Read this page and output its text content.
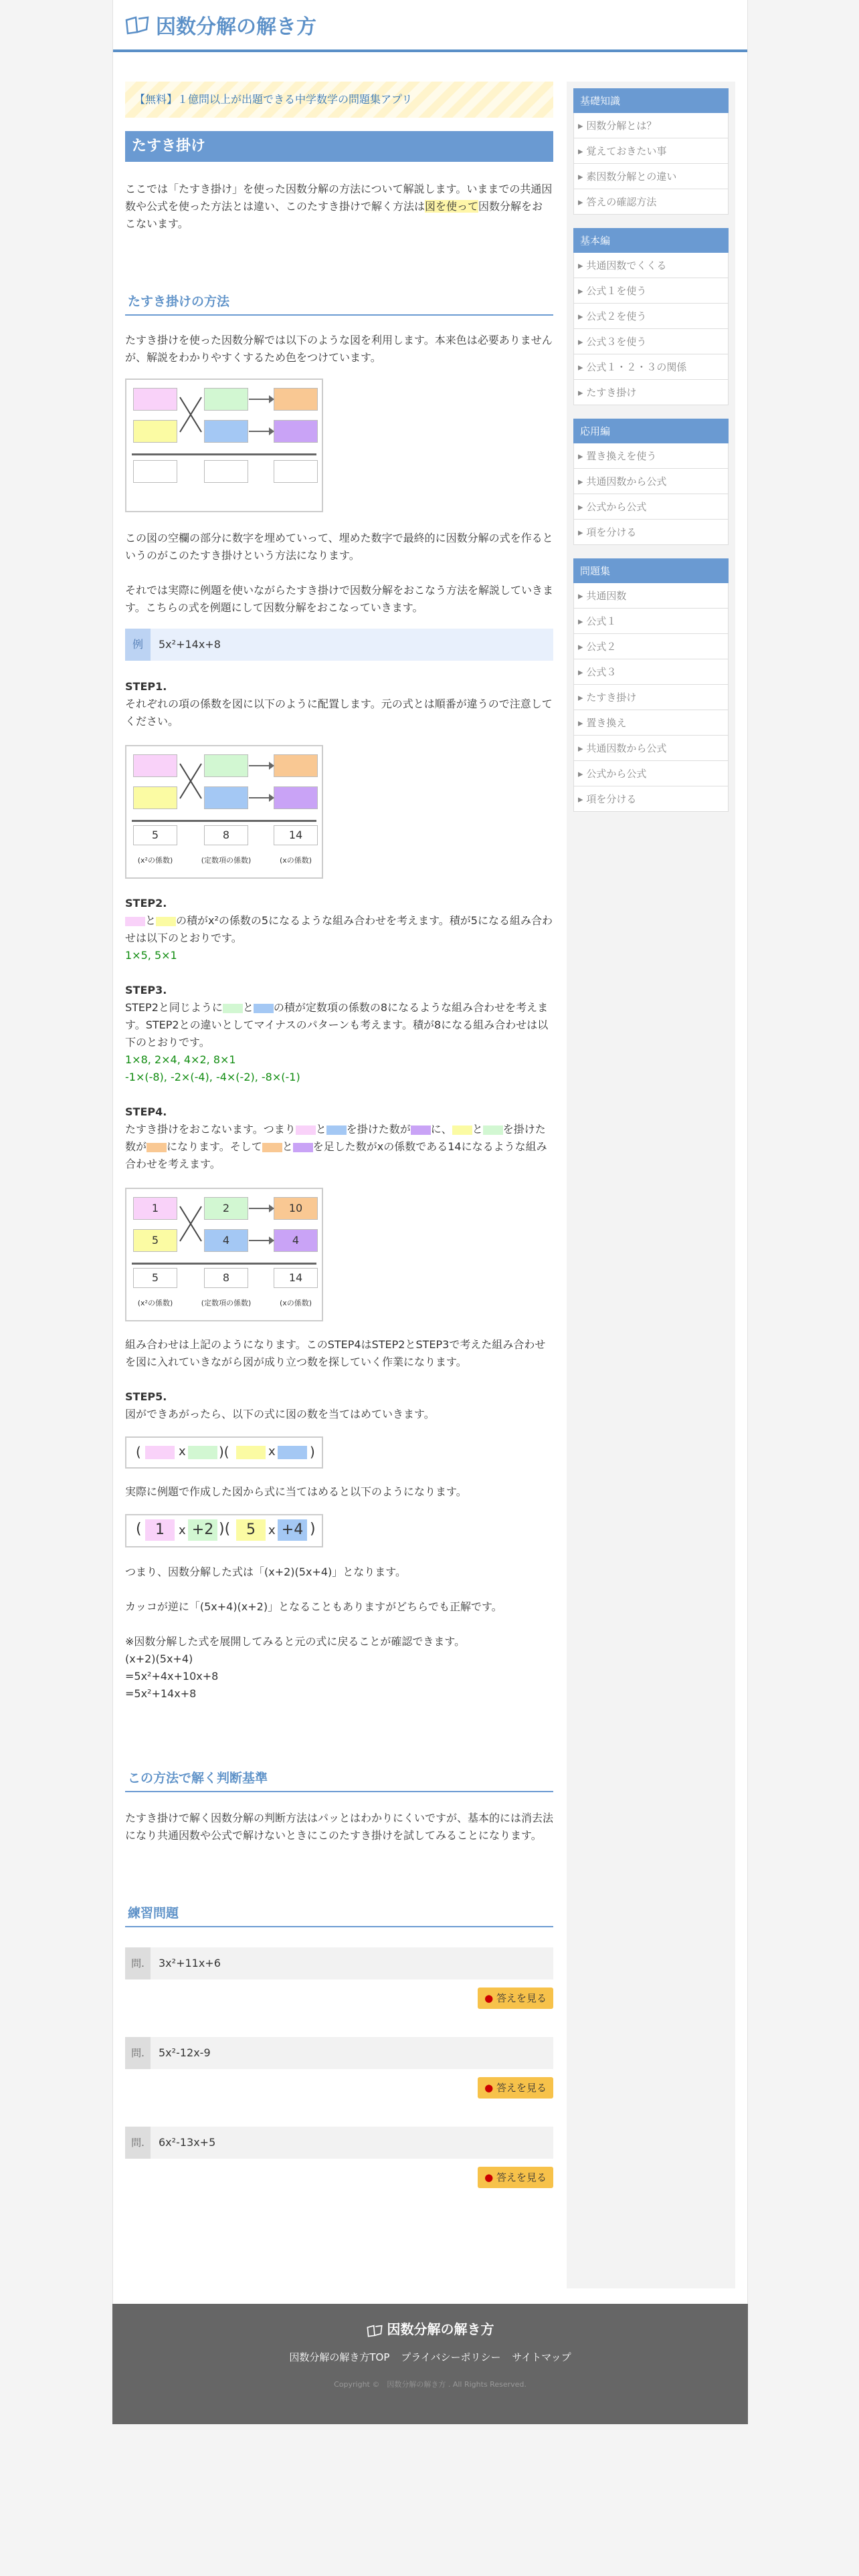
因数分解の解き方
【無料】１億問以上が出題できる中学数学の問題集アプリ
たすき掛け

ここでは「たすき掛け」を使った因数分解の方法について解説します。いままでの共通因数や公式を使った方法とは違い、このたすき掛けで解く方法は図を使って因数分解をおこないます。

たすき掛けの方法

たすき掛けを使った因数分解では以下のような図を利用します。本来色は必要ありませんが、解説をわかりやすくするため色をつけています。

この図の空欄の部分に数字を埋めていって、埋めた数字で最終的に因数分解の式を作るというのがこのたすき掛けという方法になります。

それでは実際に例題を使いながらたすき掛けで因数分解をおこなう方法を解説していきます。こちらの式を例題にして因数分解をおこなっていきます。

例	5x²+14x+8

STEP1.

それぞれの項の係数を図に以下のように配置します。元の式とは順番が違うので注意してください。

5	8	14
(x²の係数)	(定数項の係数)	(xの係数)

STEP2.

と の積がx²の係数の5になるような組み合わせを考えます。積が5になる組み合わせは以下のとおりです。

1×5, 5×1

STEP3.

STEP2と同じように と の積が定数項の係数の8になるような組み合わせを考えます。STEP2との違いとしてマイナスのパターンも考えます。積が8になる組み合わせは以下のとおりです。

1×8, 2×4, 4×2, 8×1

-1×(-8), -2×(-4), -4×(-2), -8×(-1)

STEP4.

たすき掛けをおこないます。つまり と を掛けた数が に、 と を掛けた数が になります。そして と を足した数がxの係数である14になるような組み合わせを考えます。

1	2	10
5	4	4
5	8	14
(x²の係数)	(定数項の係数)	(xの係数)

組み合わせは上記のようになります。このSTEP4はSTEP2とSTEP3で考えた組み合わせを図に入れていきながら図が成り立つ数を探していく作業になります。

STEP5.

図ができあがったら、以下の式に図の数を当てはめていきます。

(	x )(	x	)

実際に例題で作成した図から式に当てはめると以下のようになります。

( 1	x +2 )(	5	x +4 )

つまり、因数分解した式は「(x+2)(5x+4)」となります。

カッコが逆に「(5x+4)(x+2)」となることもありますがどちらでも正解です。

※因数分解した式を展開してみると元の式に戻ることが確認できます。

(x+2)(5x+4)

=5x²+4x+10x+8

=5x²+14x+8

この方法で解く判断基準

たすき掛けで解く因数分解の判断方法はパッとはわかりにくいですが、基本的には消去法になり共通因数や公式で解けないときにこのたすき掛けを試してみることになります。

練習問題
問.	3x²+11x+6
● 答えを見る
問.	5x²-12x-9
● 答えを見る
問.	6x²-13x+5
● 答えを見る
基礎知識
▸ 因数分解とは？
▸ 覚えておきたい事
▸ 素因数分解との違い
▸ 答えの確認方法
基本編
▸ 共通因数でくくる
▸ 公式１を使う
▸ 公式２を使う
▸ 公式３を使う
▸ 公式１・２・３の関係
▸ たすき掛け
応用編
▸ 置き換えを使う
▸ 共通因数から公式
▸ 公式から公式
▸ 項を分ける
問題集
▸ 共通因数
▸ 公式１
▸ 公式２
▸ 公式３
▸ たすき掛け
▸ 置き換え
▸ 共通因数から公式
▸ 公式から公式
▸ 項を分ける
因数分解の解き方
因数分解の解き方TOP プライバシーポリシー サイトマップ
Copyright ©　因数分解の解き方 . All Rights Reserved.
